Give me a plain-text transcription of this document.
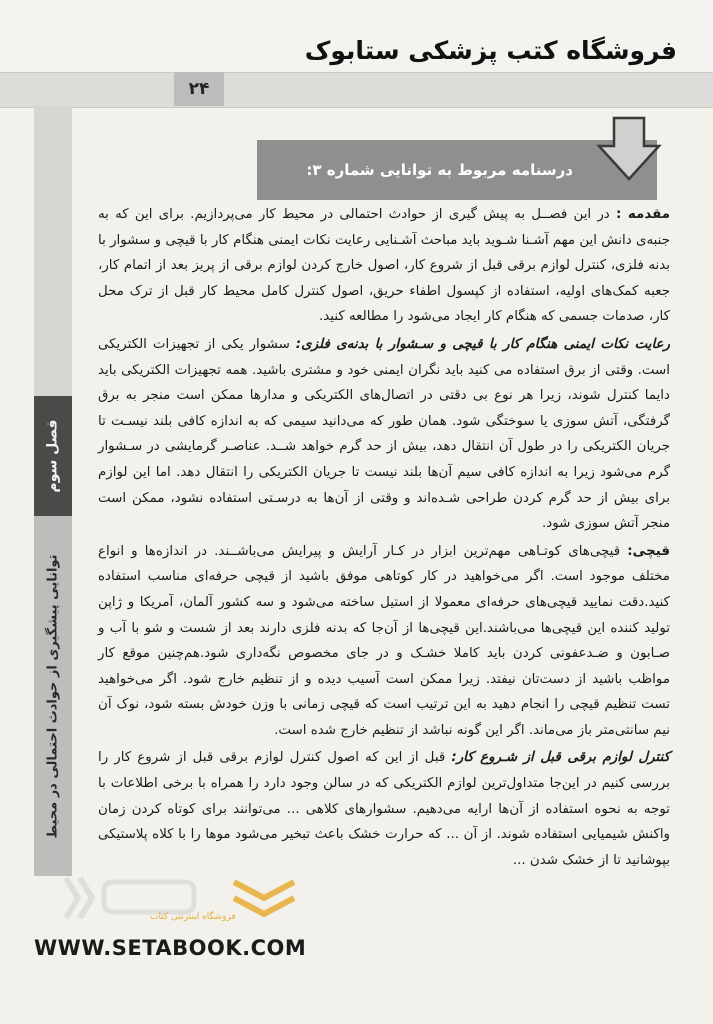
فروشگاه کتب پزشکی ستابوک
۲۴
فصل سوم
توانایی پیشگیری از حوادث احتمالی در محیط
درسنامه مربوط به توانایی شماره ۳:

مقدمه : در این فصــل به پیش گیری از حوادث احتمالی در محیط کار می‌پردازیم. برای این که به جنبه‌ی دانش این مهم آشـنا شـوید باید مباحث آشـنایی رعایت نکات ایمنی هنگام کار با قیچی و سشوار با بدنه فلزی، کنترل لوازم برقی قبل از شروع کار، اصول خارج کردن لوازم برقی از پریز بعد از اتمام کار، جعبه کمک‌های اولیه، استفاده از کپسول اطفاء حریق، اصول کنترل کامل محیط کار قبل از ترک محل کار، صدمات جسمی که هنگام کار ایجاد می‌شود را مطالعه کنید.

رعایت نکات ایمنی هنگام کار با قیچی و سـشوار با بدنه‌ی فلزی: سشوار یکی از تجهیزات الکتریکی است. وقتی از برق استفاده می کنید باید نگران ایمنی خود و مشتری باشید. همه تجهیزات الکتریکی باید دایما کنترل شوند، زیرا هر نوع بی دقتی در اتصال‌های الکتریکی و مدارها ممکن است منجر به برق گرفتگی، آتش سوزی یا سوختگی شود. همان طور که می‌دانید سیمی که به اندازه کافی بلند نیسـت تا جریان الکتریکی را در طول آن انتقال دهد، بیش از حد گرم خواهد شــد. عناصـر گرمایشی در سـشوار گرم می‌شود زیرا به اندازه کافی سیم آن‌ها بلند نیست تا جریان الکتریکی را انتقال دهد. اما این لوازم برای بیش از حد گرم کردن طراحی شـده‌اند و وقتی از آن‌ها به درسـتی استفاده نشود، ممکن است منجر آتش سوزی شود.

قیچی: قیچی‌های کوتـاهی مهم‌ترین ابزار در کـار آرایش و پیرایش می‌باشــند. در اندازه‌ها و انواع مختلف موجود است. اگر می‌خواهید در کار کوتاهی موفق باشید از قیچی حرفه‌ای مناسب استفاده کنید.دقت نمایید قیچی‌های حرفه‌ای معمولا از استیل ساخته می‌شود و سه کشور آلمان، آمریکا و ژاپن تولید کننده این قیچی‌ها می‌باشند.این قیچی‌ها از آن‌جا که بدنه فلزی دارند بعد از شست و شو با آب و صـابون و ضـدعفونی کردن باید کاملا خشـک و در جای مخصوص نگه‌داری شود.هم‌چنین موقع کار مواظب باشید از دست‌تان نیفتد. زیرا ممکن است آسیب دیده و از تنظیم خارج شود. اگر می‌خواهید تست تنظیم قیچی را انجام دهید به این ترتیب است که قیچی زمانی با وزن خودش بسته شود، نوک آن نیم سانتی‌متر باز می‌ماند. اگر این گونه نباشد از تنظیم خارج شده است.

کنترل لوازم برقی قبل از شـروع کار: قبل از این که اصول کنترل لوازم برقی قبل از شروع کار را بررسی کنیم در این‌جا متداول‌ترین لوازم الکتریکی که در سالن وجود دارد را همراه با برخی اطلاعات با توجه به نحوه استفاده از آن‌ها ارایه می‌دهیم. سشوارهای کلاهی ... می‌توانند برای کوتاه کردن زمان واکنش شیمیایی استفاده شوند. از آن ... که حرارت خشک باعث تبخیر می‌شود موها را با کلاه پلاستیکی بپوشانید تا از خشک شدن ...

فروشگاه اینترنتی کتاب
WWW.SETABOOK.COM
